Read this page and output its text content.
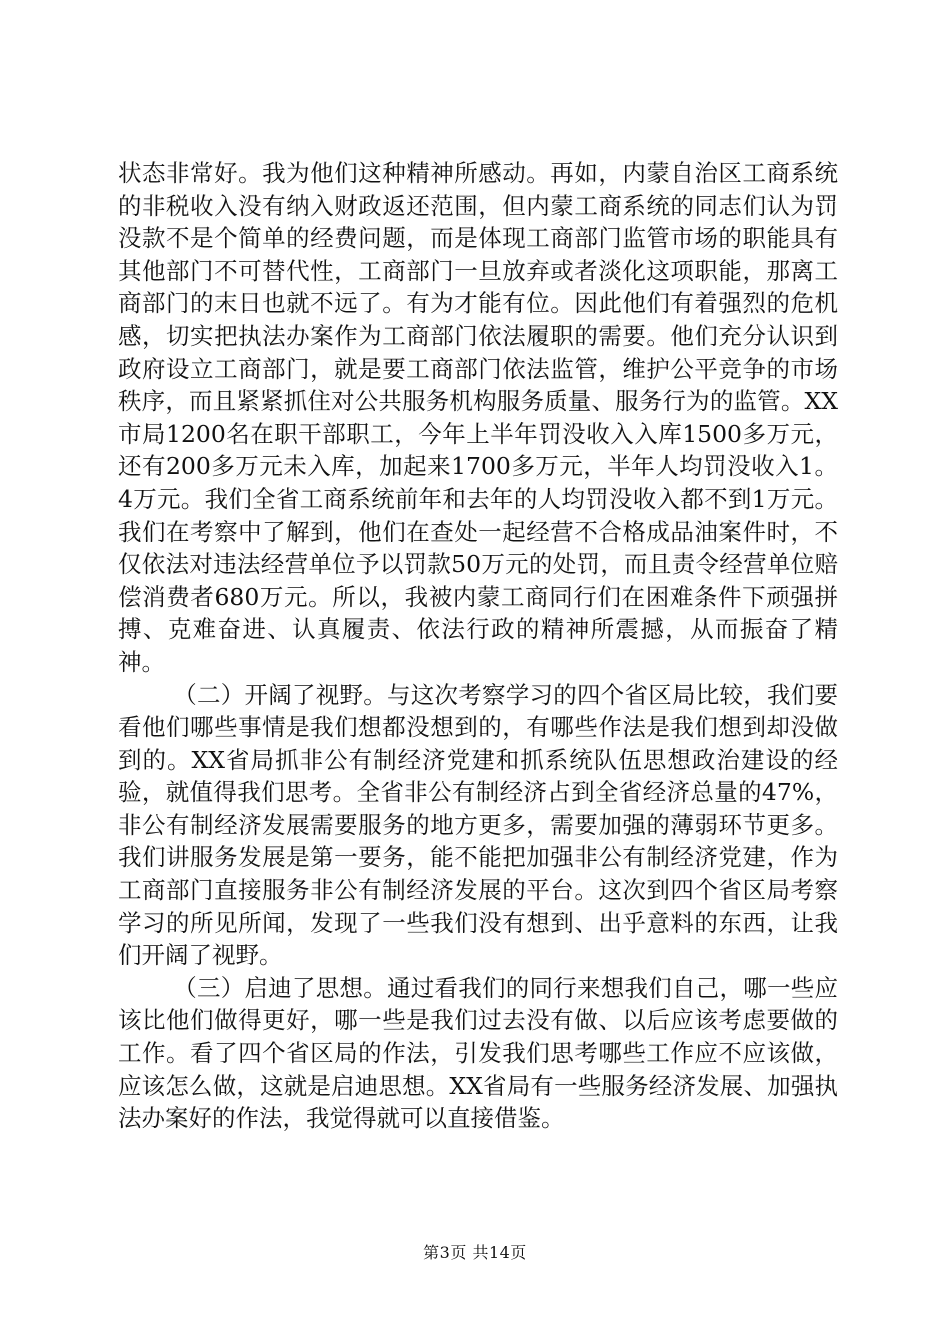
状态非常好。我为他们这种精神所感动。再如，内蒙自治区工商系统的非税收入没有纳入财政返还范围，但内蒙工商系统的同志们认为罚没款不是个简单的经费问题，而是体现工商部门监管市场的职能具有其他部门不可替代性，工商部门一旦放弃或者淡化这项职能，那离工商部门的末日也就不远了。有为才能有位。因此他们有着强烈的危机感，切实把执法办案作为工商部门依法履职的需要。他们充分认识到政府设立工商部门，就是要工商部门依法监管，维护公平竞争的市场秩序，而且紧紧抓住对公共服务机构服务质量、服务行为的监管。XX市局1200名在职干部职工，今年上半年罚没收入入库1500多万元，还有200多万元未入库，加起来1700多万元，半年人均罚没收入1。4万元。我们全省工商系统前年和去年的人均罚没收入都不到1万元。我们在考察中了解到，他们在查处一起经营不合格成品油案件时，不仅依法对违法经营单位予以罚款50万元的处罚，而且责令经营单位赔偿消费者680万元。所以，我被内蒙工商同行们在困难条件下顽强拼搏、克难奋进、认真履责、依法行政的精神所震撼，从而振奋了精神。

（二）开阔了视野。与这次考察学习的四个省区局比较，我们要看他们哪些事情是我们想都没想到的，有哪些作法是我们想到却没做到的。XX省局抓非公有制经济党建和抓系统队伍思想政治建设的经验，就值得我们思考。全省非公有制经济占到全省经济总量的47%，非公有制经济发展需要服务的地方更多，需要加强的薄弱环节更多。我们讲服务发展是第一要务，能不能把加强非公有制经济党建，作为工商部门直接服务非公有制经济发展的平台。这次到四个省区局考察学习的所见所闻，发现了一些我们没有想到、出乎意料的东西，让我们开阔了视野。

（三）启迪了思想。通过看我们的同行来想我们自己，哪一些应该比他们做得更好，哪一些是我们过去没有做、以后应该考虑要做的工作。看了四个省区局的作法，引发我们思考哪些工作应不应该做，应该怎么做，这就是启迪思想。XX省局有一些服务经济发展、加强执法办案好的作法，我觉得就可以直接借鉴。

第3页 共14页
